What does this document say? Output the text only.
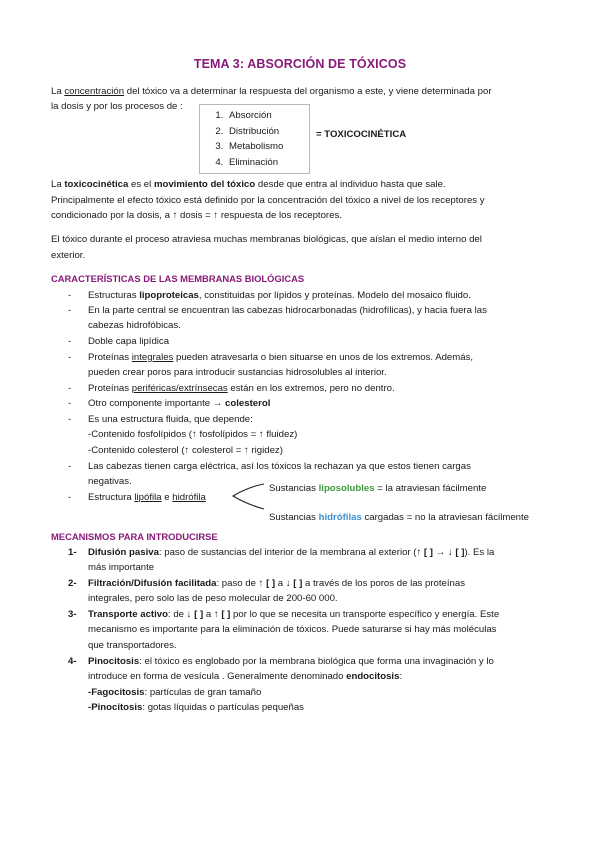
TEMA 3: ABSORCIÓN DE TÓXICOS
La concentración del tóxico va a determinar la respuesta del organismo a este, y viene determinada por
la dosis y por los procesos de :
1. Absorción
2. Distribución
3. Metabolismo
4. Eliminación
= TOXICOCINÉTICA
La toxicocinética es el movimiento del tóxico desde que entra al individuo hasta que sale.
Principalmente el efecto tóxico está definido por la concentración del tóxico a nivel de los receptores y
condicionado por la dosis, a ↑ dosis = ↑ respuesta de los receptores.
El tóxico durante el proceso atraviesa muchas membranas biológicas, que aíslan el medio interno del
exterior.
CARACTERÍSTICAS DE LAS MEMBRANAS BIOLÓGICAS
- Estructuras lipoproteicas, constituidas por lípidos y proteínas. Modelo del mosaico fluido.
- En la parte central se encuentran las cabezas hidrocarbonadas (hidrofílicas), y hacia fuera las
cabezas hidrofóbicas.
- Doble capa lipídica
- Proteínas integrales pueden atravesarla o bien situarse en unos de los extremos. Además,
pueden crear poros para introducir sustancias hidrosolubles al interior.
- Proteínas periféricas/extrínsecas están en los extremos, pero no dentro.
- Otro componente importante → colesterol
- Es una estructura fluida, que depende:
-Contenido fosfolípidos (↑ fosfolípidos = ↑ fluidez)
-Contenido colesterol (↑ colesterol = ↑ rigidez)
- Las cabezas tienen carga eléctrica, así los tóxicos la rechazan ya que estos tienen cargas
negativas.
- Estructura lipófila e hidrófila
Sustancias liposolubles = la atraviesan fácilmente
Sustancias hidrófilas cargadas = no la atraviesan fácilmente
MECANISMOS PARA INTRODUCIRSE
1- Difusión pasiva: paso de sustancias del interior de la membrana al exterior (↑ [ ] → ↓ [ ]). Es la
más importante
2- Filtración/Difusión facilitada: paso de ↑ [ ] a ↓ [ ] a través de los poros de las proteínas
integrales, pero solo las de peso molecular de 200-60 000.
3- Transporte activo: de ↓ [ ] a ↑ [ ] por lo que se necesita un transporte específico y energía. Este
mecanismo es importante para la eliminación de tóxicos. Puede saturarse si hay más moléculas
que transportadores.
4- Pinocitosis: el tóxico es englobado por la membrana biológica que forma una invaginación y lo
introduce en forma de vesícula . Generalmente denominado endocitosis:
-Fagocitosis: partículas de gran tamaño
-Pinocitosis: gotas líquidas o partículas pequeñas
